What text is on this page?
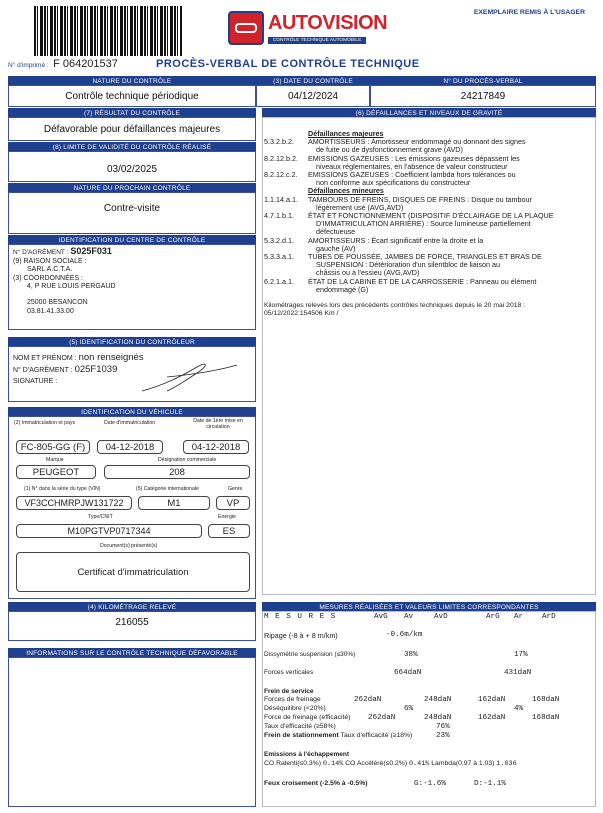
AUTOVISION
CONTRÔLE TECHNIQUE AUTOMOBILE
EXEMPLAIRE REMIS À L'USAGER
N° d'imprimé : F 064201537	PROCÈS-VERBAL DE CONTRÔLE TECHNIQUE
NATURE DU CONTRÔLE
Contrôle technique périodique
(3) DATE DU CONTRÔLE
04/12/2024
N° DU PROCÈS-VERBAL
24217849
(7) RÉSULTAT DU CONTRÔLE
Défavorable pour défaillances majeures
(8) LIMITE DE VALIDITÉ DU CONTRÔLE RÉALISÉ
03/02/2025
NATURE DU PROCHAIN CONTRÔLE
Contre-visite
IDENTIFICATION DU CENTRE DE CONTRÔLE
N° D'AGRÉMENT : S025F031
(9) RAISON SOCIALE :
SARL A.C.T.A.
(3) COORDONNÉES :
4, P RUE LOUIS PERGAUD
25000 BESANCON
03.81.41.33.00
(5) IDENTIFICATION DU CONTRÔLEUR
NOM ET PRÉNOM : non renseignés
N° D'AGRÉMENT : 025F1039
SIGNATURE :
IDENTIFICATION DU VÉHICULE
(2) Immatriculation et pays	Date d'immatriculation	Date de 1ère mise en circulation
FC-805-GG (F)	04-12-2018	04-12-2018
Marque	Désignation commerciale
PEUGEOT	208
(1) N° dans la série du type (VIN)	(5) Catégorie internationale	Genre
VF3CCHMRPJW131722	M1	VP
Type/CNIT	Energie
M10PGTVP0717344	ES
Document(s) présenté(s)
Certificat d'immatriculation
(4) KILOMÉTRAGE RELEVÉ
216055
INFORMATIONS SUR LE CONTRÔLE TECHNIQUE DÉFAVORABLE
(6) DÉFAILLANCES ET NIVEAUX DE GRAVITÉ
Défaillances majeures
5.3.2.b.2.	AMORTISSEURS : Amortisseur endommagé ou donnant des signes
de fuite ou de dysfonctionnement grave (AVD)
8.2.12.b.2.	EMISSIONS GAZEUSES : Les émissions gazeuses dépassent les
niveaux réglementaires, en l'absence de valeur constructeur
8.2.12.c.2.	EMISSIONS GAZEUSES : Coefficient lambda hors tolérances ou
non conforme aux spécifications du constructeur
Défaillances mineures
1.1.14.a.1.	TAMBOURS DE FREINS, DISQUES DE FREINS : Disque ou tambour
légèrement usé (AVG,AVD)
4.7.1.b.1.	ÉTAT ET FONCTIONNEMENT (DISPOSITIF D'ÉCLAIRAGE DE LA PLAQUE
D'IMMATRICULATION ARRIÈRE) : Source lumineuse partiellement
défectueuse
5.3.2.d.1.	AMORTISSEURS : Écart significatif entre la droite et la
gauche (AV)
5.3.3.a.1.	TUBES DE POUSSÉE, JAMBES DE FORCE, TRIANGLES ET BRAS DE
SUSPENSION : Détérioration d'un silentbloc de liaison au
châssis ou à l'essieu (AVG,AVD)
6.2.1.a.1.	ÉTAT DE LA CABINE ET DE LA CARROSSERIE : Panneau ou élément
endommagé (G)
Kilométrages relevés lors des précédents contrôles techniques depuis le 20 mai 2018 :
05/12/2022:154506 Km /
MESURES RÉALISÉES ET VALEURS LIMITES CORRESPONDANTES
M E S U R E S	AvG Av	AvD	ArG Ar ArD
Ripage (-8 à + 8 m/km)	-0.6m/km
Dissymétrie suspension (≤30%)	38%	17%
Forces verticales	664daN	431daN
Frein de service
Forces de freinage	262daN	248daN	162daN	168daN
Déséquilibre (<20%)	6%	4%
Force de freinage (efficacité) 262daN	248daN	162daN	168daN
Taux d'efficacité (≥58%)	76%
Frein de stationnement Taux d'efficacité (≥18%)	23%
Emissions à l'échappement
CO Ralenti(≤0.3%) 0.14% CO Accéléré(≤0.2%) 0.41% Lambda(0.97 à 1.03) 1.036
Feux croisement (-2.5% à -0.5%)	G:-1.6%	D:-1.1%
